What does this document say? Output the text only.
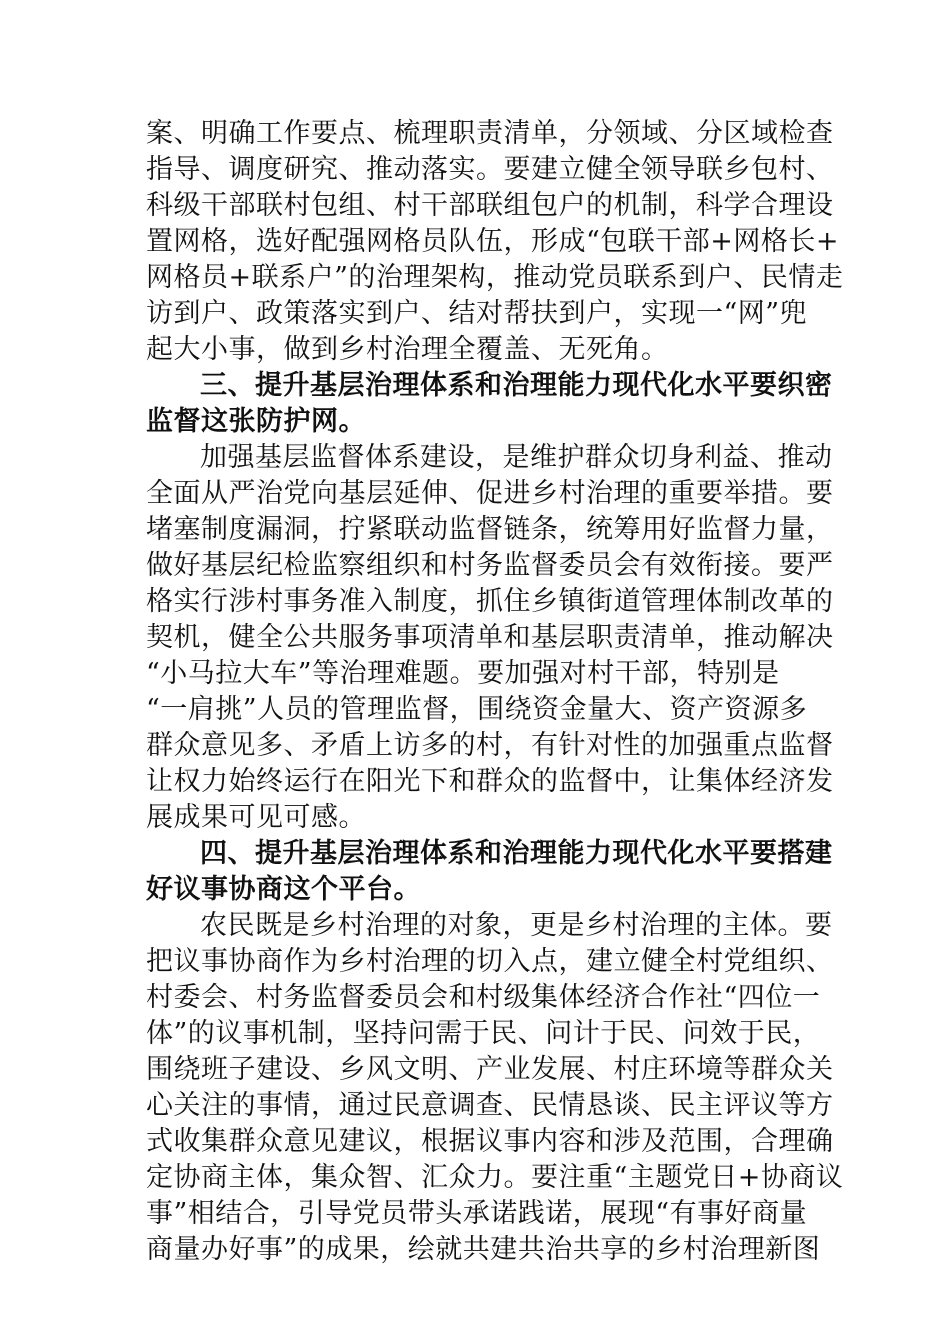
案、明确工作要点、梳理职责清单，分领域、分区域检查
指导、调度研究、推动落实。要建立健全领导联乡包村、
科级干部联村包组、村干部联组包户的机制，科学合理设
置网格，选好配强网格员队伍，形成“包联干部+网格长+
网格员+联系户”的治理架构，推动党员联系到户、民情走
访到户、政策落实到户、结对帮扶到户，实现一“网”兜
起大小事，做到乡村治理全覆盖、无死角。
三、提升基层治理体系和治理能力现代化水平要织密
监督这张防护网。
加强基层监督体系建设，是维护群众切身利益、推动
全面从严治党向基层延伸、促进乡村治理的重要举措。要
堵塞制度漏洞，拧紧联动监督链条，统筹用好监督力量，
做好基层纪检监察组织和村务监督委员会有效衔接。要严
格实行涉村事务准入制度，抓住乡镇街道管理体制改革的
契机，健全公共服务事项清单和基层职责清单，推动解决
“小马拉大车”等治理难题。要加强对村干部，特别是
“一肩挑”人员的管理监督，围绕资金量大、资产资源多
群众意见多、矛盾上访多的村，有针对性的加强重点监督
让权力始终运行在阳光下和群众的监督中，让集体经济发
展成果可见可感。
四、提升基层治理体系和治理能力现代化水平要搭建
好议事协商这个平台。
农民既是乡村治理的对象，更是乡村治理的主体。要
把议事协商作为乡村治理的切入点，建立健全村党组织、
村委会、村务监督委员会和村级集体经济合作社“四位一
体”的议事机制，坚持问需于民、问计于民、问效于民，
围绕班子建设、乡风文明、产业发展、村庄环境等群众关
心关注的事情，通过民意调查、民情恳谈、民主评议等方
式收集群众意见建议，根据议事内容和涉及范围，合理确
定协商主体，集众智、汇众力。要注重“主题党日+协商议
事”相结合，引导党员带头承诺践诺，展现“有事好商量
商量办好事”的成果，绘就共建共治共享的乡村治理新图
